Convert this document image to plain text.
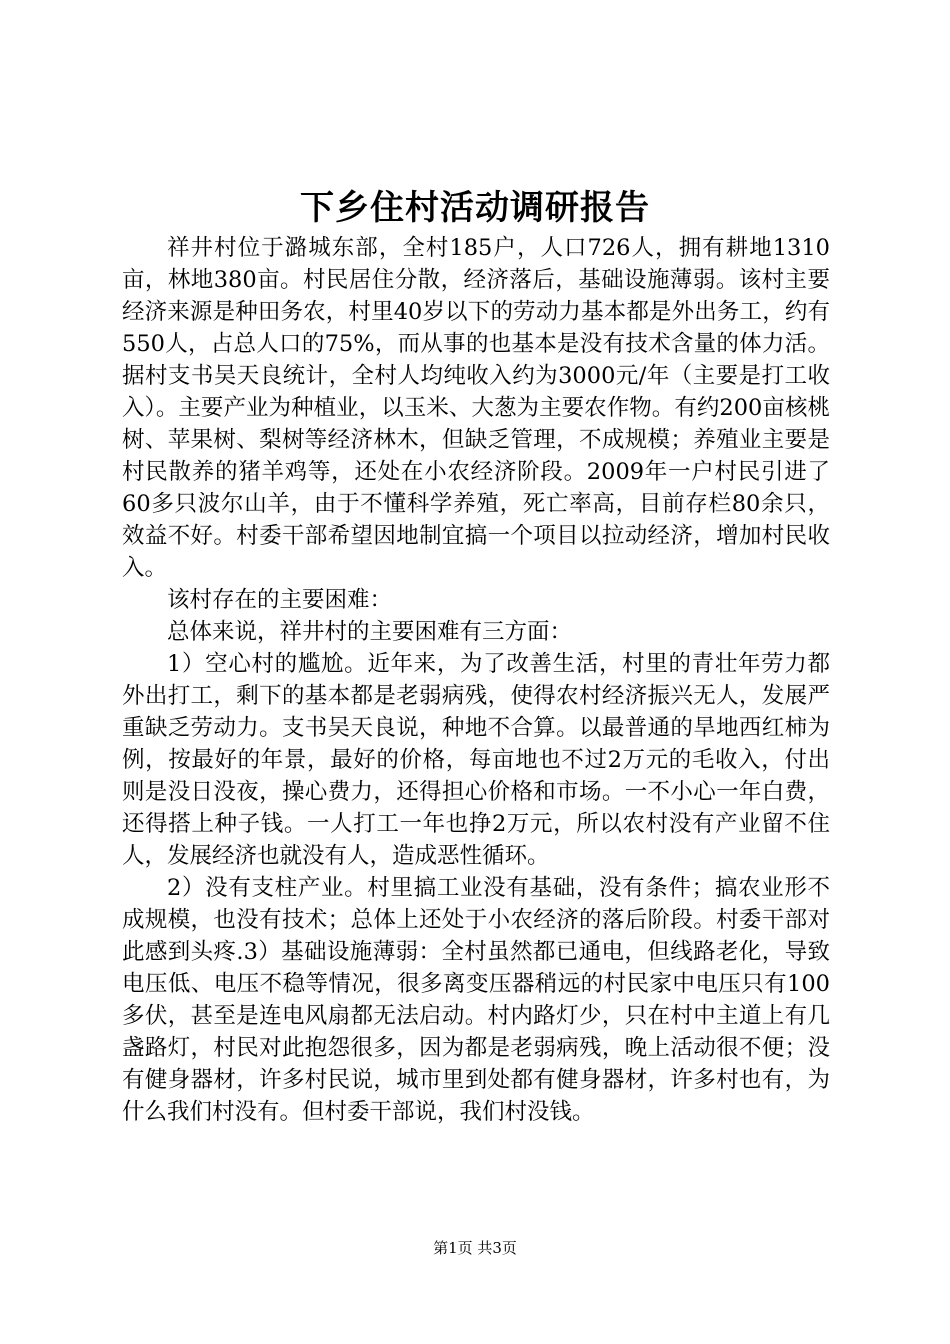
下乡住村活动调研报告

祥井村位于潞城东部，全村185户，人口726人，拥有耕地1310亩，林地380亩。村民居住分散，经济落后，基础设施薄弱。该村主要经济来源是种田务农，村里40岁以下的劳动力基本都是外出务工，约有550人，占总人口的75%，而从事的也基本是没有技术含量的体力活。据村支书吴天良统计，全村人均纯收入约为3000元/年（主要是打工收入）。主要产业为种植业，以玉米、大葱为主要农作物。有约200亩核桃树、苹果树、梨树等经济林木，但缺乏管理，不成规模；养殖业主要是村民散养的猪羊鸡等，还处在小农经济阶段。2009年一户村民引进了60多只波尔山羊，由于不懂科学养殖，死亡率高，目前存栏80余只，效益不好。村委干部希望因地制宜搞一个项目以拉动经济，增加村民收入。

该村存在的主要困难：

总体来说，祥井村的主要困难有三方面：

1）空心村的尴尬。近年来，为了改善生活，村里的青壮年劳力都外出打工，剩下的基本都是老弱病残，使得农村经济振兴无人，发展严重缺乏劳动力。支书吴天良说，种地不合算。以最普通的旱地西红柿为例，按最好的年景，最好的价格，每亩地也不过2万元的毛收入，付出则是没日没夜，操心费力，还得担心价格和市场。一不小心一年白费，还得搭上种子钱。一人打工一年也挣2万元，所以农村没有产业留不住人，发展经济也就没有人，造成恶性循环。

2）没有支柱产业。村里搞工业没有基础，没有条件；搞农业形不成规模，也没有技术；总体上还处于小农经济的落后阶段。村委干部对此感到头疼.3）基础设施薄弱：全村虽然都已通电，但线路老化，导致电压低、电压不稳等情况，很多离变压器稍远的村民家中电压只有100多伏，甚至是连电风扇都无法启动。村内路灯少，只在村中主道上有几盏路灯，村民对此抱怨很多，因为都是老弱病残，晚上活动很不便；没有健身器材，许多村民说，城市里到处都有健身器材，许多村也有，为什么我们村没有。但村委干部说，我们村没钱。

第1页 共3页
